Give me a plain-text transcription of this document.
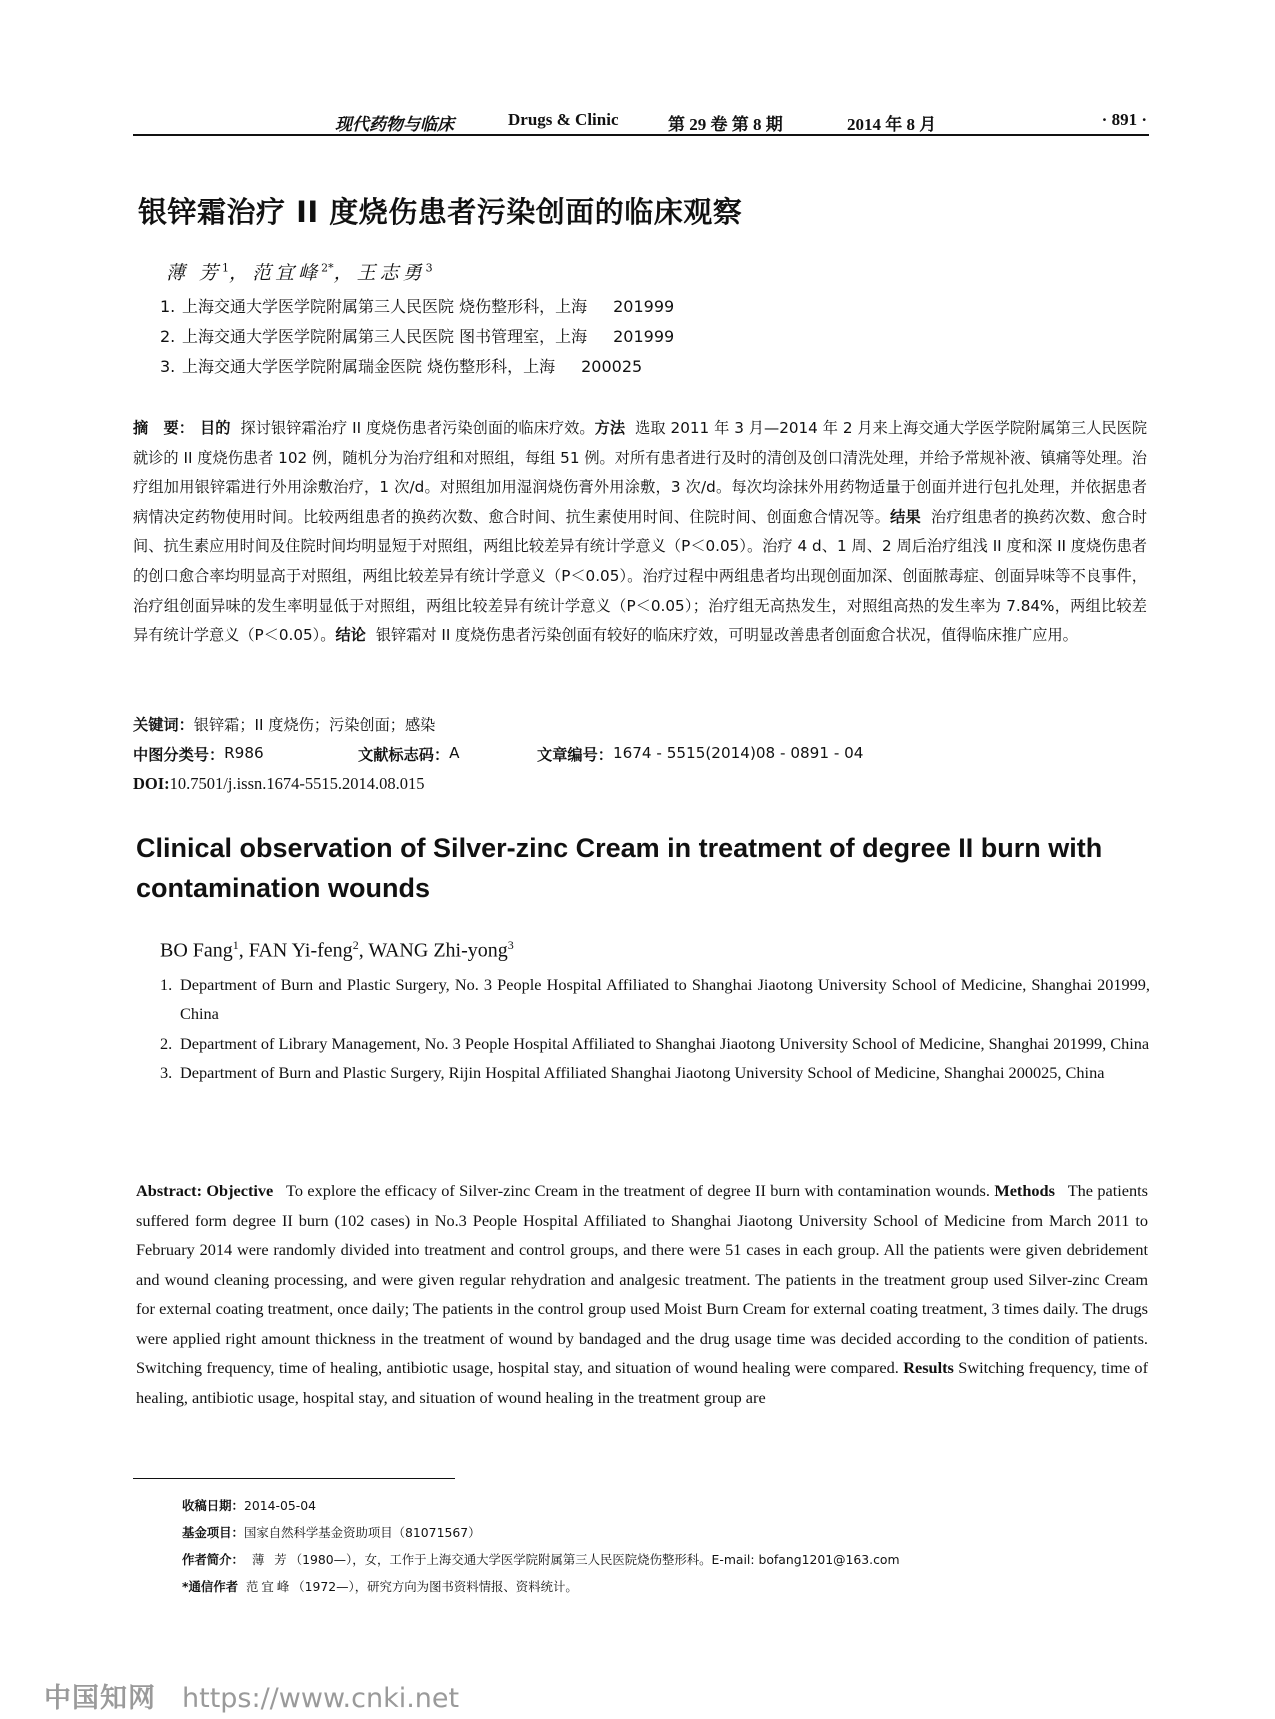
现代药物与临床	Drugs & Clinic	第 29 卷 第 8 期	2014 年 8 月	· 891 ·
银锌霜治疗 II 度烧伤患者污染创面的临床观察
薄 芳$^1$，范宜峰$^{2*}$，王志勇$^3$
1. 上海交通大学医学院附属第三人民医院 烧伤整形科，上海 201999
2. 上海交通大学医学院附属第三人民医院 图书管理室，上海 201999
3. 上海交通大学医学院附属瑞金医院 烧伤整形科，上海 200025
摘　要： 目的 探讨银锌霜治疗 II 度烧伤患者污染创面的临床疗效。方法 选取 2011 年 3 月—2014 年 2 月来上海交通大学医学院附属第三人民医院就诊的 II 度烧伤患者 102 例，随机分为治疗组和对照组，每组 51 例。对所有患者进行及时的清创及创口清洗处理，并给予常规补液、镇痛等处理。治疗组加用银锌霜进行外用涂敷治疗，1 次/d。对照组加用湿润烧伤膏外用涂敷，3 次/d。每次均涂抹外用药物适量于创面并进行包扎处理，并依据患者病情决定药物使用时间。比较两组患者的换药次数、愈合时间、抗生素使用时间、住院时间、创面愈合情况等。结果 治疗组患者的换药次数、愈合时间、抗生素应用时间及住院时间均明显短于对照组，两组比较差异有统计学意义（P＜0.05）。治疗 4 d、1 周、2 周后治疗组浅 II 度和深 II 度烧伤患者的创口愈合率均明显高于对照组，两组比较差异有统计学意义（P＜0.05）。治疗过程中两组患者均出现创面加深、创面脓毒症、创面异味等不良事件，治疗组创面异味的发生率明显低于对照组，两组比较差异有统计学意义（P＜0.05）；治疗组无高热发生，对照组高热的发生率为 7.84%，两组比较差异有统计学意义（P＜0.05）。结论 银锌霜对 II 度烧伤患者污染创面有较好的临床疗效，可明显改善患者创面愈合状况，值得临床推广应用。
关键词：银锌霜；II 度烧伤；污染创面；感染
中图分类号： R986	文献标志码： A	文章编号： 1674 - 5515(2014)08 - 0891 - 04
DOI:10.7501/j.issn.1674-5515.2014.08.015
Clinical observation of Silver-zinc Cream in treatment of degree II burn with contamination wounds
BO Fang$^1$, FAN Yi-feng$^2$, WANG Zhi-yong$^3$
1. Department of Burn and Plastic Surgery, No. 3 People Hospital Affiliated to Shanghai Jiaotong University School of Medicine, Shanghai 201999, China
2. Department of Library Management, No. 3 People Hospital Affiliated to Shanghai Jiaotong University School of Medicine, Shanghai 201999, China
3. Department of Burn and Plastic Surgery, Rijin Hospital Affiliated Shanghai Jiaotong University School of Medicine, Shanghai 200025, China
Abstract: Objective To explore the efficacy of Silver-zinc Cream in the treatment of degree II burn with contamination wounds. Methods The patients suffered form degree II burn (102 cases) in No.3 People Hospital Affiliated to Shanghai Jiaotong University School of Medicine from March 2011 to February 2014 were randomly divided into treatment and control groups, and there were 51 cases in each group. All the patients were given debridement and wound cleaning processing, and were given regular rehydration and analgesic treatment. The patients in the treatment group used Silver-zinc Cream for external coating treatment, once daily; The patients in the control group used Moist Burn Cream for external coating treatment, 3 times daily. The drugs were applied right amount thickness in the treatment of wound by bandaged and the drug usage time was decided according to the condition of patients. Switching frequency, time of healing, antibiotic usage, hospital stay, and situation of wound healing were compared. Results Switching frequency, time of healing, antibiotic usage, hospital stay, and situation of wound healing in the treatment group are
收稿日期：2014-05-04
基金项目：国家自然科学基金资助项目（81071567）
作者简介： 薄 芳（1980—），女，工作于上海交通大学医学院附属第三人民医院烧伤整形科。E-mail: bofang1201@163.com
*通信作者 范宜峰（1972—），研究方向为图书资料情报、资料统计。
中国知网 https://www.cnki.net
